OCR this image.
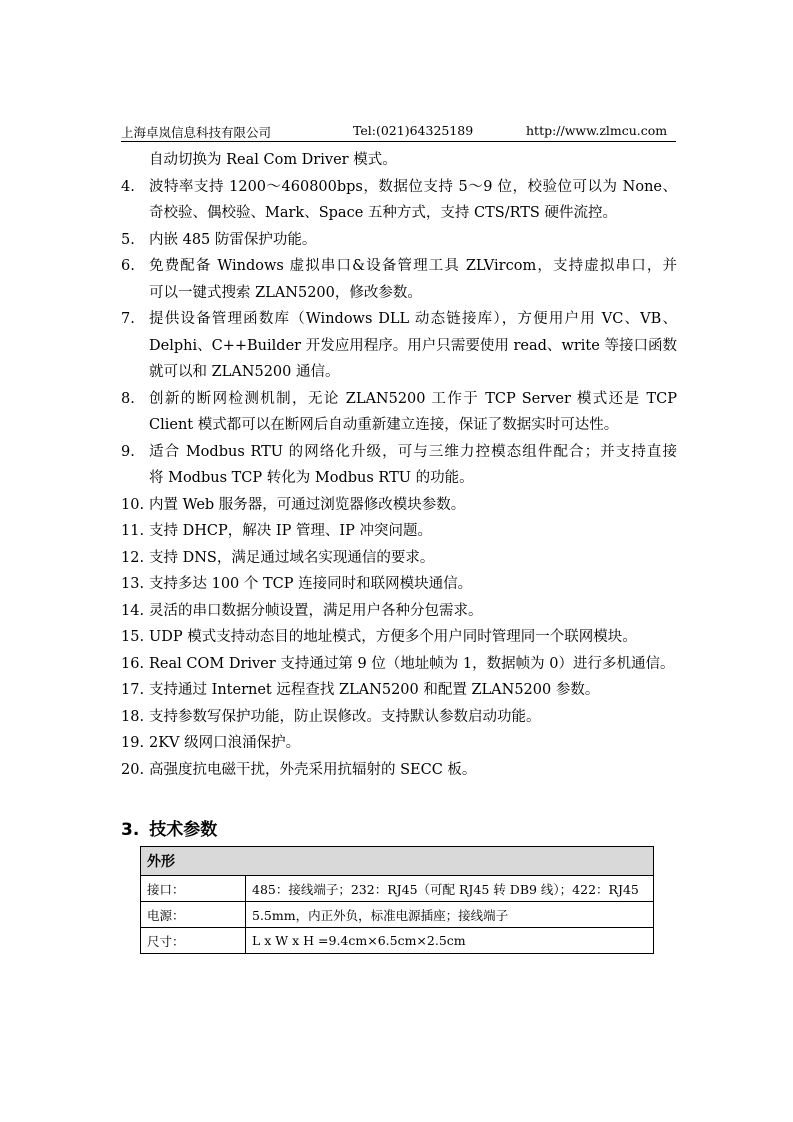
上海卓岚信息科技有限公司	Tel:(021)64325189	http://www.zlmcu.com
自动切换为 Real Com Driver 模式。
4. 波特率支持 1200～460800bps，数据位支持 5～9 位，校验位可以为 None、
奇校验、偶校验、Mark、Space 五种方式，支持 CTS/RTS 硬件流控。
5. 内嵌 485 防雷保护功能。
6. 免费配备 Windows 虚拟串口&设备管理工具 ZLVircom，支持虚拟串口，并
可以一键式搜索 ZLAN5200，修改参数。
7. 提供设备管理函数库（Windows DLL 动态链接库），方便用户用 VC、VB、
Delphi、C++Builder 开发应用程序。用户只需要使用 read、write 等接口函数
就可以和 ZLAN5200 通信。
8. 创新的断网检测机制，无论 ZLAN5200 工作于 TCP Server 模式还是 TCP
Client 模式都可以在断网后自动重新建立连接，保证了数据实时可达性。
9. 适合 Modbus RTU 的网络化升级，可与三维力控模态组件配合；并支持直接
将 Modbus TCP 转化为 Modbus RTU 的功能。
10. 内置 Web 服务器，可通过浏览器修改模块参数。
11. 支持 DHCP，解决 IP 管理、IP 冲突问题。
12. 支持 DNS，满足通过域名实现通信的要求。
13. 支持多达 100 个 TCP 连接同时和联网模块通信。
14. 灵活的串口数据分帧设置，满足用户各种分包需求。
15. UDP 模式支持动态目的地址模式，方便多个用户同时管理同一个联网模块。
16. Real COM Driver 支持通过第 9 位（地址帧为 1，数据帧为 0）进行多机通信。
17. 支持通过 Internet 远程查找 ZLAN5200 和配置 ZLAN5200 参数。
18. 支持参数写保护功能，防止误修改。支持默认参数启动功能。
19. 2KV 级网口浪涌保护。
20. 高强度抗电磁干扰，外壳采用抗辐射的 SECC 板。
3. 技术参数
外形	
接口：	485：接线端子；232：RJ45（可配 RJ45 转 DB9 线）；422：RJ45
电源：	5.5mm，内正外负，标准电源插座；接线端子
尺寸：	L x W x H =9.4cm×6.5cm×2.5cm
